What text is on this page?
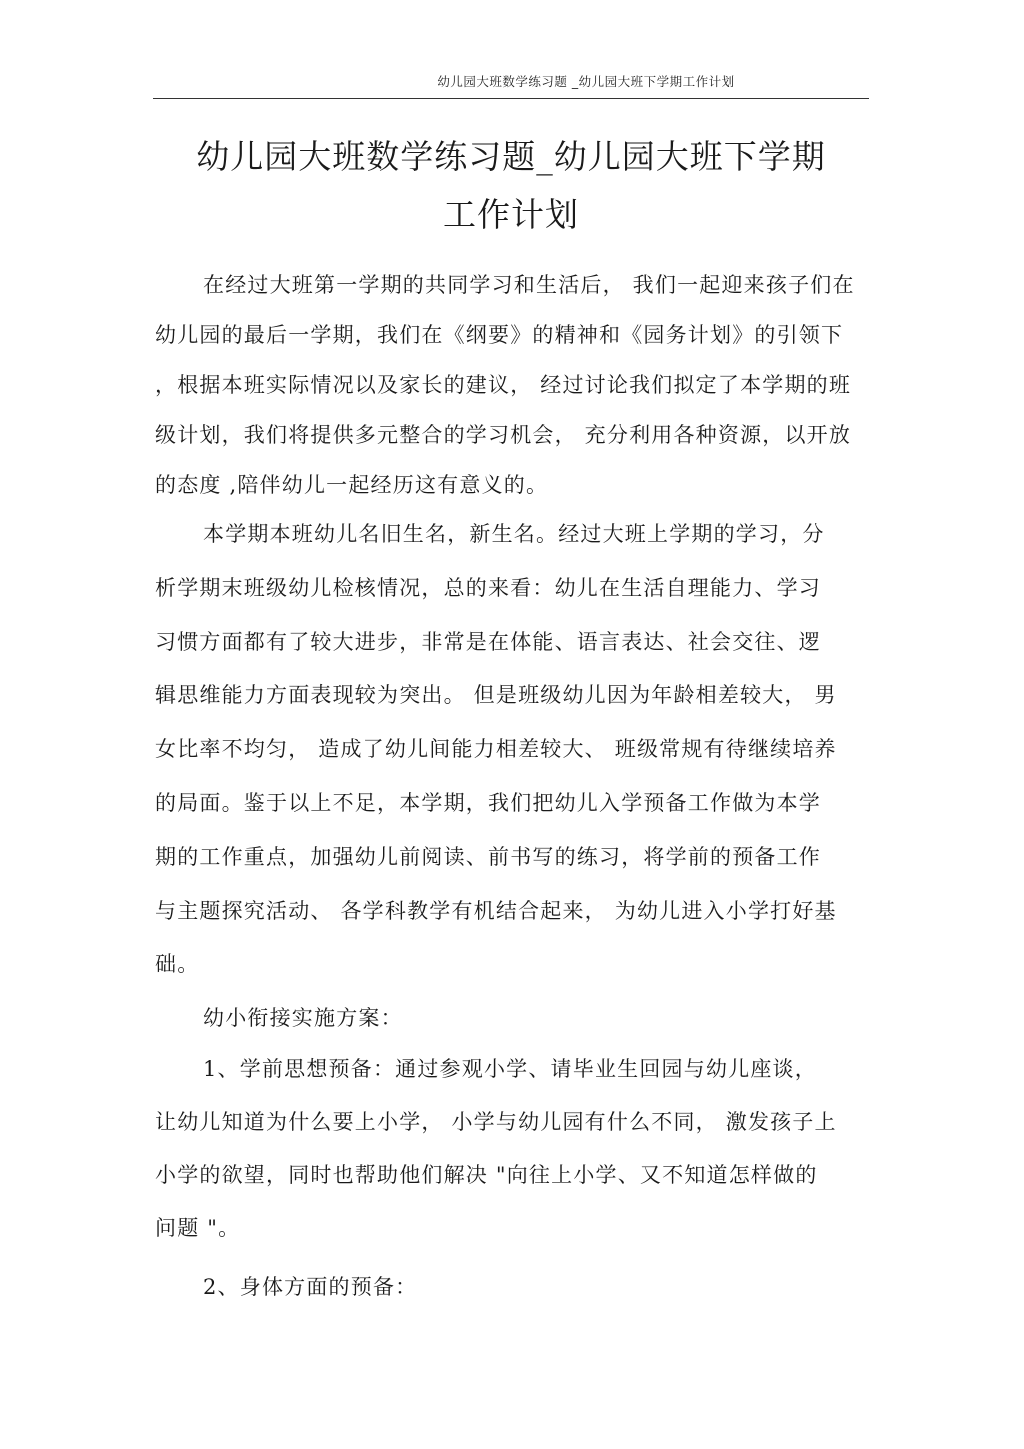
幼儿园大班数学练习题 _幼儿园大班下学期工作计划
幼儿园大班数学练习题_幼儿园大班下学期
工作计划
在经过大班第一学期的共同学习和生活后， 我们一起迎来孩子们在
幼儿园的最后一学期，我们在《纲要》的精神和《园务计划》的引领下
，根据本班实际情况以及家长的建议， 经过讨论我们拟定了本学期的班
级计划，我们将提供多元整合的学习机会， 充分利用各种资源，以开放
的态度 ,陪伴幼儿一起经历这有意义的。
本学期本班幼儿名旧生名，新生名。经过大班上学期的学习，分
析学期末班级幼儿检核情况，总的来看：幼儿在生活自理能力、学习
习惯方面都有了较大进步，非常是在体能、语言表达、社会交往、逻
辑思维能力方面表现较为突出。 但是班级幼儿因为年龄相差较大， 男
女比率不均匀， 造成了幼儿间能力相差较大、 班级常规有待继续培养
的局面。鉴于以上不足，本学期，我们把幼儿入学预备工作做为本学
期的工作重点，加强幼儿前阅读、前书写的练习，将学前的预备工作
与主题探究活动、 各学科教学有机结合起来， 为幼儿进入小学打好基
础。
幼小衔接实施方案：
1、学前思想预备：通过参观小学、请毕业生回园与幼儿座谈，
让幼儿知道为什么要上小学， 小学与幼儿园有什么不同， 激发孩子上
小学的欲望，同时也帮助他们解决 "向往上小学、又不知道怎样做的
问题 "。
2、身体方面的预备：
